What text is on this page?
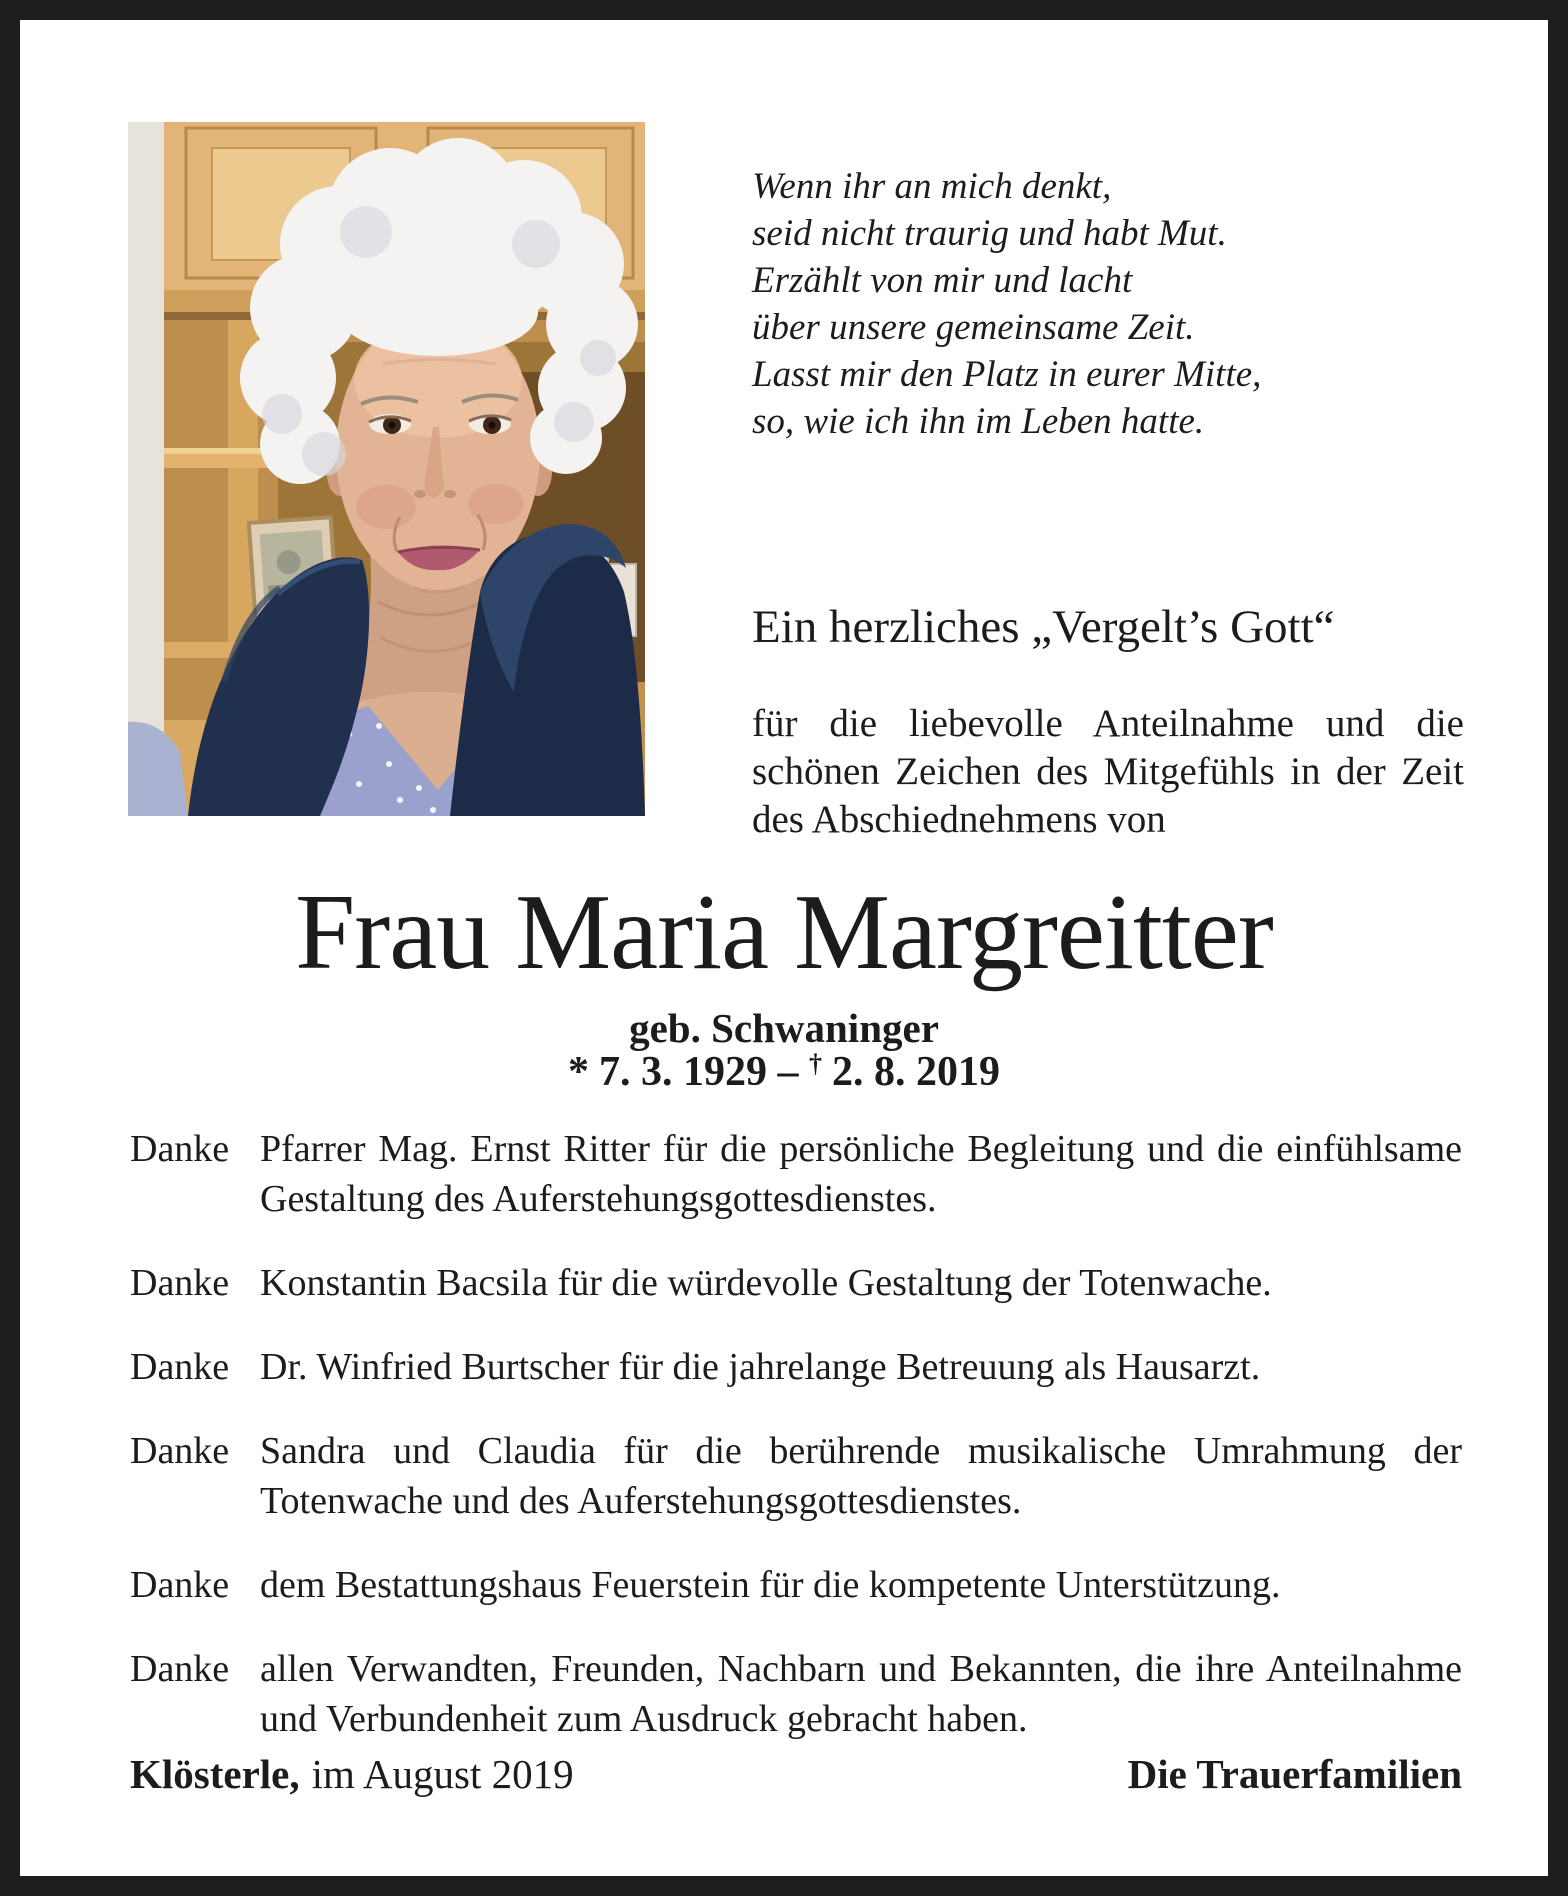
Wenn ihr an mich denkt,
seid nicht traurig und habt Mut.
Erzählt von mir und lacht
über unsere gemeinsame Zeit.
Lasst mir den Platz in eurer Mitte,
so, wie ich ihn im Leben hatte.
Ein herzliches „Vergelt’s Gott“
für die liebevolle Anteilnahme und die schönen Zeichen des Mitgefühls in der Zeit des Abschiednehmens von
Frau Maria Margreitter
geb. Schwaninger
* 7. 3. 1929 – † 2. 8. 2019
Danke Pfarrer Mag. Ernst Ritter für die persönliche Begleitung und die einfühlsame Gestaltung des Auferstehungsgottesdienstes.
Danke Konstantin Bacsila für die würdevolle Gestaltung der Totenwache.
Danke Dr. Winfried Burtscher für die jahrelange Betreuung als Hausarzt.
Danke Sandra und Claudia für die berührende musikalische Umrahmung der Totenwache und des Auferstehungsgottesdienstes.
Danke dem Bestattungshaus Feuerstein für die kompetente Unterstützung.
Danke allen Verwandten, Freunden, Nachbarn und Bekannten, die ihre Anteilnahme und Verbundenheit zum Ausdruck gebracht haben.
Klösterle, im August 2019	Die Trauerfamilien
